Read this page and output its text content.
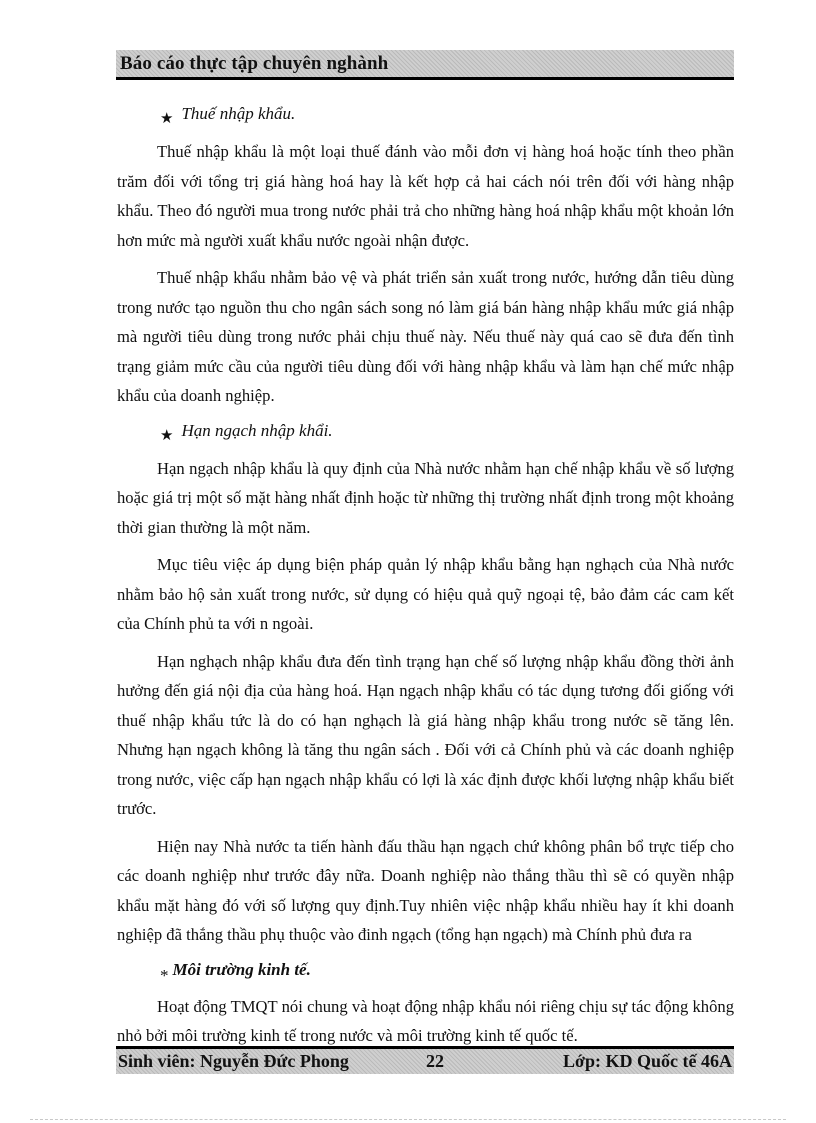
Báo cáo thực tập chuyên nghành
★ Thuế nhập khẩu.

Thuế nhập khẩu là một loại thuế đánh vào mỗi đơn vị hàng hoá hoặc tính theo phần trăm đối với tổng trị giá hàng hoá hay là kết hợp cả hai cách nói trên đối với hàng nhập khẩu. Theo đó người mua trong nước phải trả cho những hàng hoá nhập khẩu một khoản lớn hơn mức mà người xuất khẩu nước ngoài nhận được.

Thuế nhập khẩu nhằm bảo vệ và phát triển sản xuất trong nước, hướng dẫn tiêu dùng trong nước tạo nguồn thu cho ngân sách song nó làm giá bán hàng nhập khẩu mức giá nhập mà người tiêu dùng trong nước phải chịu thuế này. Nếu thuế này quá cao sẽ đưa đến tình trạng giảm mức cầu của người tiêu dùng đối với hàng nhập khẩu và làm hạn chế mức nhập khẩu của doanh nghiệp.

★ Hạn ngạch nhập khẩi.

Hạn ngạch nhập khẩu là quy định của Nhà nước nhằm hạn chế nhập khẩu về số lượng hoặc giá trị một số mặt hàng nhất định hoặc từ những thị trường nhất định trong một khoảng thời gian thường là một năm.

Mục tiêu việc áp dụng biện pháp quản lý nhập khẩu bằng hạn nghạch của Nhà nước nhằm bảo hộ sản xuất trong nước, sử dụng có hiệu quả quỹ ngoại tệ, bảo đảm các cam kết của Chính phủ ta với n ngoài.

Hạn nghạch nhập khẩu đưa đến tình trạng hạn chế số lượng nhập khẩu đồng thời ảnh hưởng đến giá nội địa của hàng hoá. Hạn ngạch nhập khẩu có tác dụng tương đối giống với thuế nhập khẩu tức là do có hạn nghạch là giá hàng nhập khẩu trong nước sẽ tăng lên. Nhưng hạn ngạch không là tăng thu ngân sách . Đối với cả Chính phủ và các doanh nghiệp trong nước, việc cấp hạn ngạch nhập khẩu có lợi là xác định được khối lượng nhập khẩu biết trước.

Hiện nay Nhà nước ta tiến hành đấu thầu hạn ngạch chứ không phân bổ trực tiếp cho các doanh nghiệp như trước đây nữa. Doanh nghiệp nào thắng thầu thì sẽ có quyền nhập khẩu mặt hàng đó với số lượng quy định.Tuy nhiên việc nhập khẩu nhiều hay ít khi doanh nghiệp đã thắng thầu phụ thuộc vào đinh ngạch (tổng hạn ngạch) mà Chính phủ đưa ra

* Môi trường kinh tế.

Hoạt động TMQT nói chung và hoạt động nhập khẩu nói riêng chịu sự tác động không nhỏ bởi môi trường kinh tế trong nước và môi trường kinh tế quốc tế.

Sinh viên: Nguyễn Đức Phong	22	Lớp: KD Quốc tế 46A
